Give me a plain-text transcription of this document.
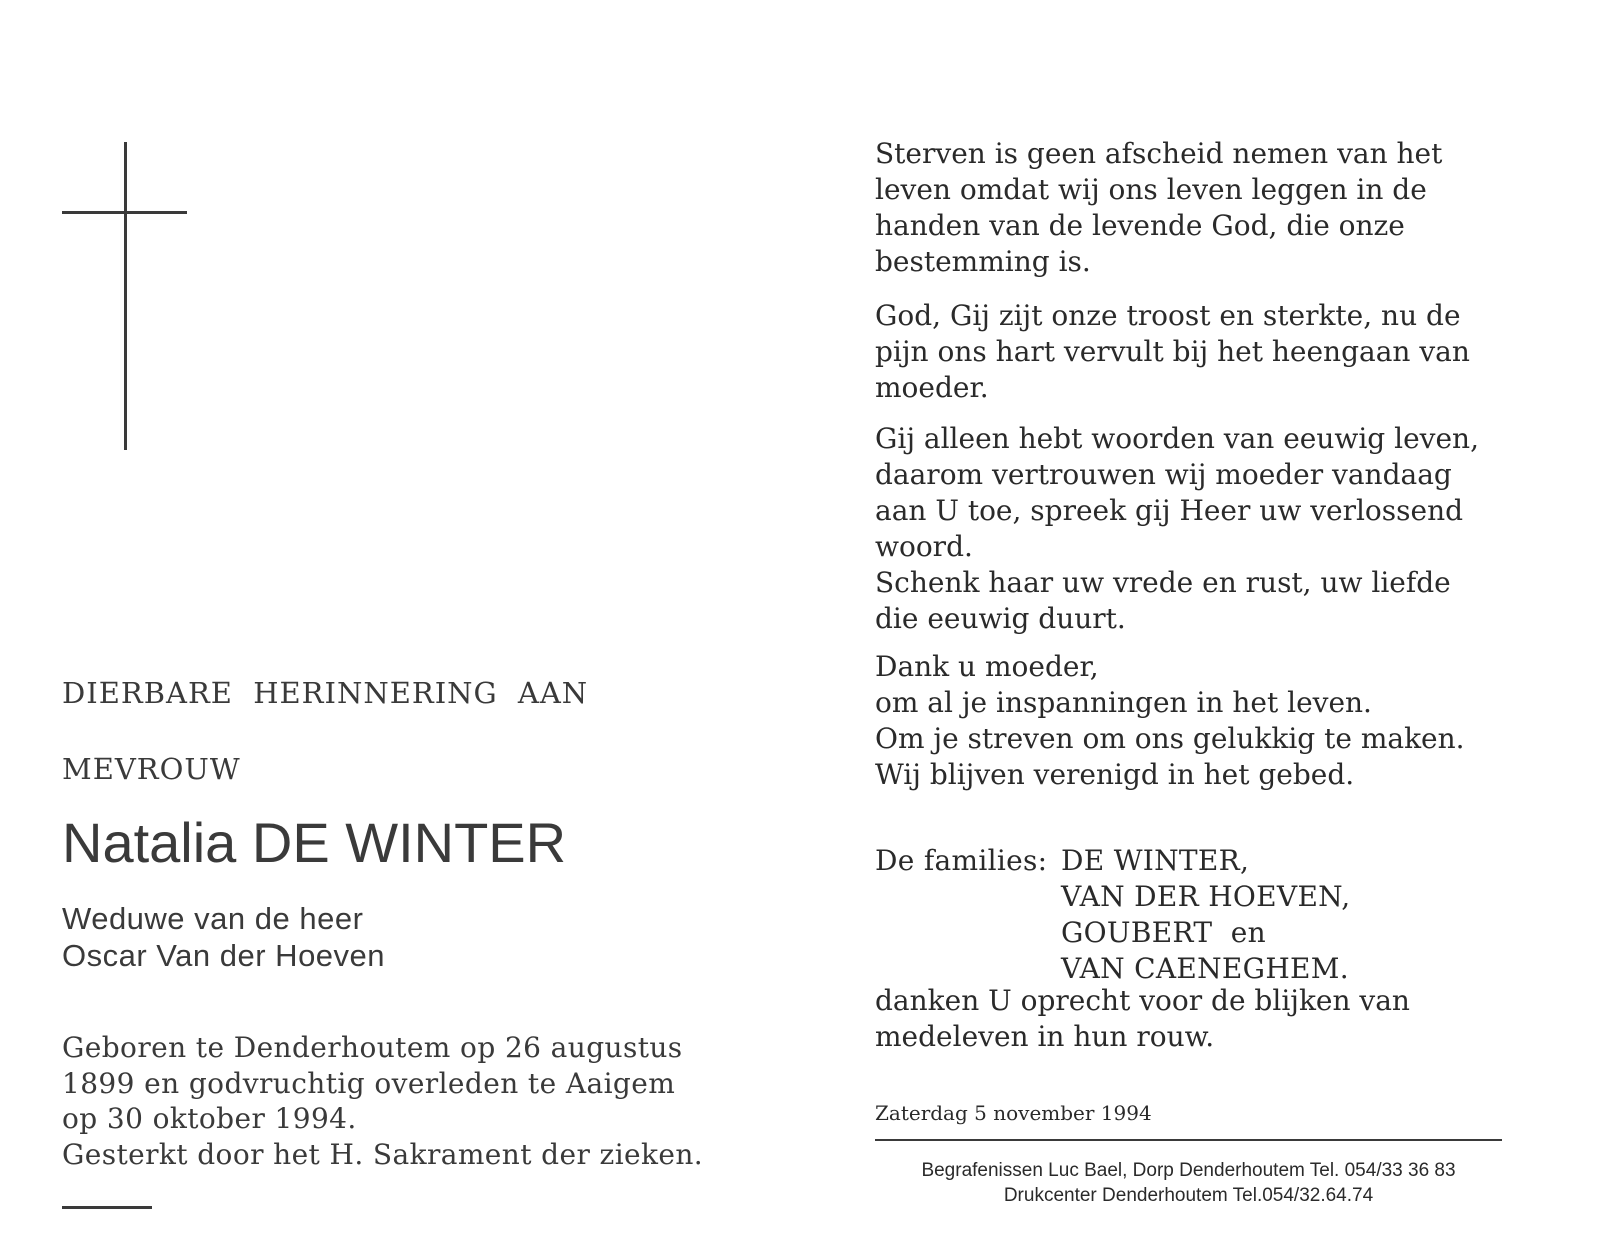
DIERBARE HERINNERING AAN
MEVROUW
Natalia DE WINTER
Weduwe van de heer
Oscar Van der Hoeven
Geboren te Denderhoutem op 26 augustus
1899 en godvruchtig overleden te Aaigem
op 30 oktober 1994.
Gesterkt door het H. Sakrament der zieken.
Sterven is geen afscheid nemen van het
leven omdat wij ons leven leggen in de
handen van de levende God, die onze
bestemming is.
God, Gij zijt onze troost en sterkte, nu de
pijn ons hart vervult bij het heengaan van
moeder.
Gij alleen hebt woorden van eeuwig leven,
daarom vertrouwen wij moeder vandaag
aan U toe, spreek gij Heer uw verlossend
woord.
Schenk haar uw vrede en rust, uw liefde
die eeuwig duurt.
Dank u moeder,
om al je inspanningen in het leven.
Om je streven om ons gelukkig te maken.
Wij blijven verenigd in het gebed.
De families: DE WINTER,
VAN DER HOEVEN,
GOUBERT  en
VAN CAENEGHEM.
danken U oprecht voor de blijken van
medeleven in hun rouw.
Zaterdag 5 november 1994
Begrafenissen Luc Bael, Dorp Denderhoutem Tel. 054/33 36 83
Drukcenter Denderhoutem Tel.054/32.64.74
